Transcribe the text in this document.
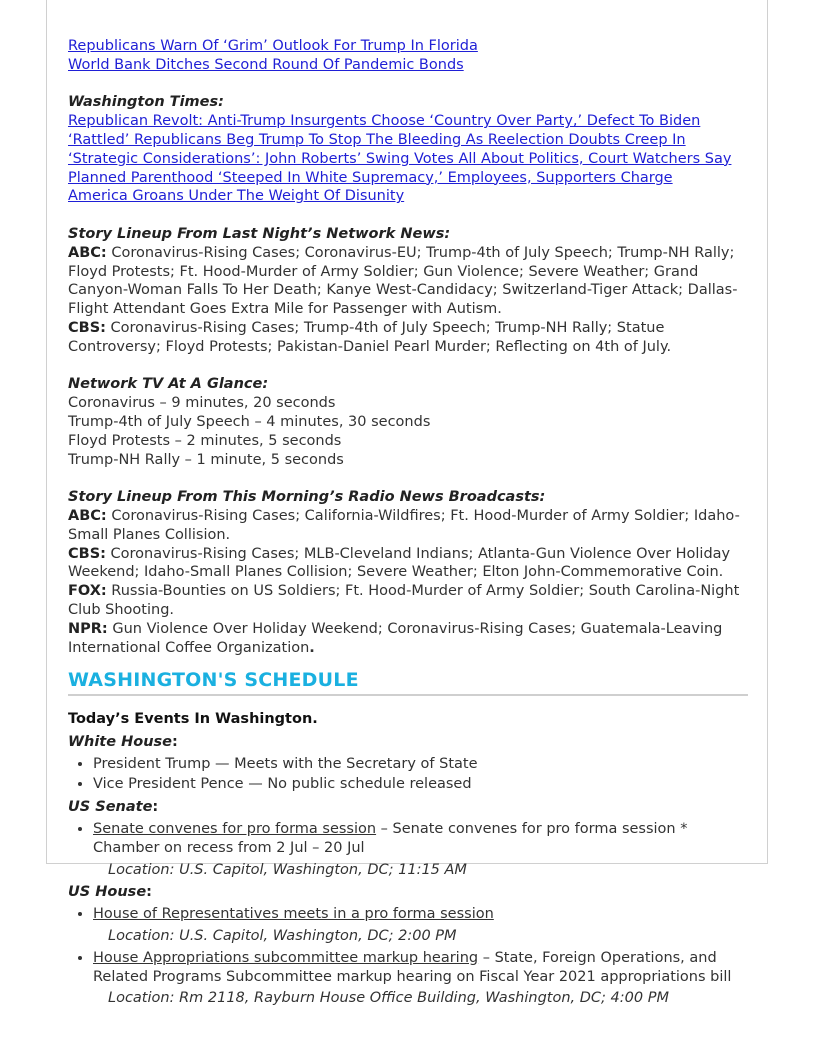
Republicans Warn Of ‘Grim’ Outlook For Trump In Florida
World Bank Ditches Second Round Of Pandemic Bonds
Washington Times:
Republican Revolt: Anti-Trump Insurgents Choose ‘Country Over Party,’ Defect To Biden
‘Rattled’ Republicans Beg Trump To Stop The Bleeding As Reelection Doubts Creep In
‘Strategic Considerations’: John Roberts’ Swing Votes All About Politics, Court Watchers Say
Planned Parenthood ‘Steeped In White Supremacy,’ Employees, Supporters Charge
America Groans Under The Weight Of Disunity
Story Lineup From Last Night’s Network News:
ABC: Coronavirus-Rising Cases; Coronavirus-EU; Trump-4th of July Speech; Trump-NH Rally; Floyd Protests; Ft. Hood-Murder of Army Soldier; Gun Violence; Severe Weather; Grand Canyon-Woman Falls To Her Death; Kanye West-Candidacy; Switzerland-Tiger Attack; Dallas-Flight Attendant Goes Extra Mile for Passenger with Autism.
CBS: Coronavirus-Rising Cases; Trump-4th of July Speech; Trump-NH Rally; Statue Controversy; Floyd Protests; Pakistan-Daniel Pearl Murder; Reflecting on 4th of July.
Network TV At A Glance:
Coronavirus – 9 minutes, 20 seconds
Trump-4th of July Speech – 4 minutes, 30 seconds
Floyd Protests – 2 minutes, 5 seconds
Trump-NH Rally – 1 minute, 5 seconds
Story Lineup From This Morning’s Radio News Broadcasts:
ABC: Coronavirus-Rising Cases; California-Wildfires; Ft. Hood-Murder of Army Soldier; Idaho-Small Planes Collision.
CBS: Coronavirus-Rising Cases; MLB-Cleveland Indians; Atlanta-Gun Violence Over Holiday Weekend; Idaho-Small Planes Collision; Severe Weather; Elton John-Commemorative Coin.
FOX: Russia-Bounties on US Soldiers; Ft. Hood-Murder of Army Soldier; South Carolina-Night Club Shooting.
NPR: Gun Violence Over Holiday Weekend; Coronavirus-Rising Cases; Guatemala-Leaving International Coffee Organization.
WASHINGTON'S SCHEDULE
Today’s Events In Washington.
White House:
• President Trump — Meets with the Secretary of State
• Vice President Pence — No public schedule released
US Senate:
• Senate convenes for pro forma session – Senate convenes for pro forma session * Chamber on recess from 2 Jul – 20 Jul
Location: U.S. Capitol, Washington, DC; 11:15 AM
US House:
• House of Representatives meets in a pro forma session
Location: U.S. Capitol, Washington, DC; 2:00 PM
• House Appropriations subcommittee markup hearing – State, Foreign Operations, and Related Programs Subcommittee markup hearing on Fiscal Year 2021 appropriations bill
Location: Rm 2118, Rayburn House Office Building, Washington, DC; 4:00 PM
